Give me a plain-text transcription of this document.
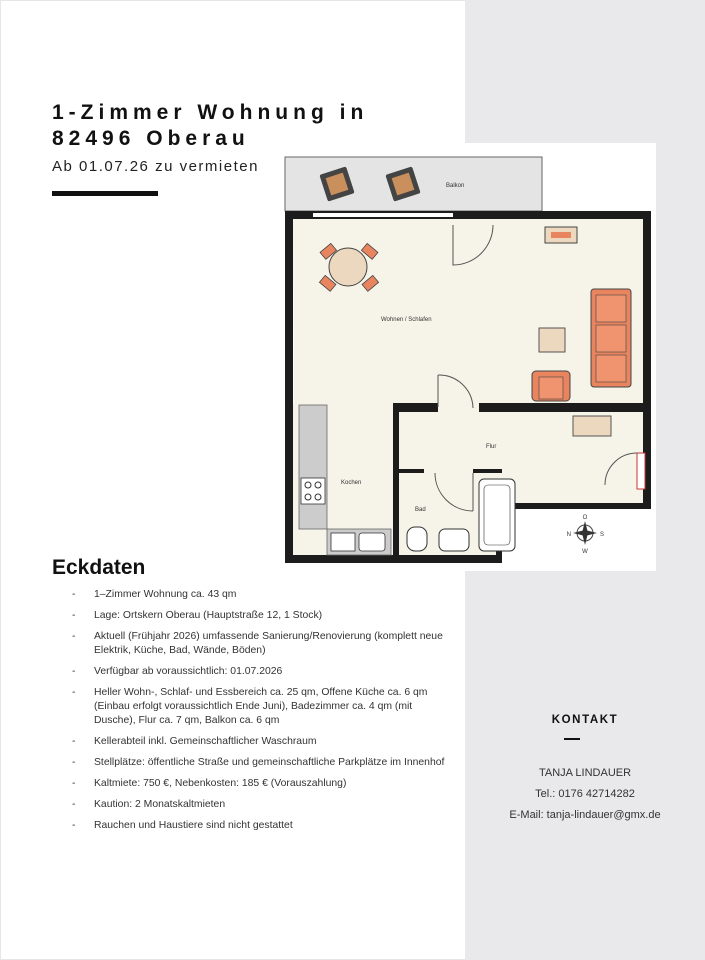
1-Zimmer Wohnung in
82496 Oberau
Ab 01.07.26 zu vermieten
Balkon
Wohnen / Schlafen
Flur
Kochen
Bad
N	S
W
O
Eckdaten
- 1–Zimmer Wohnung ca. 43 qm
- Lage: Ortskern Oberau (Hauptstraße 12, 1 Stock)
- Aktuell (Frühjahr 2026) umfassende Sanierung/Renovierung (komplett neue Elektrik, Küche, Bad, Wände, Böden)
- Verfügbar ab voraussichtlich: 01.07.2026
- Heller Wohn-, Schlaf- und Essbereich ca. 25 qm, Offene Küche ca. 6 qm (Einbau erfolgt voraussichtlich Ende Juni), Badezimmer ca. 4 qm (mit Dusche), Flur ca. 7 qm, Balkon ca. 6 qm
- Kellerabteil inkl. Gemeinschaftlicher Waschraum
- Stellplätze: öffentliche Straße und gemeinschaftliche Parkplätze im Innenhof
- Kaltmiete: 750 €, Nebenkosten: 185 € (Vorauszahlung)
- Kaution: 2 Monatskaltmieten
- Rauchen und Haustiere sind nicht gestattet
KONTAKT
TANJA LINDAUER
Tel.: 0176 42714282
E-Mail: tanja-lindauer@gmx.de
